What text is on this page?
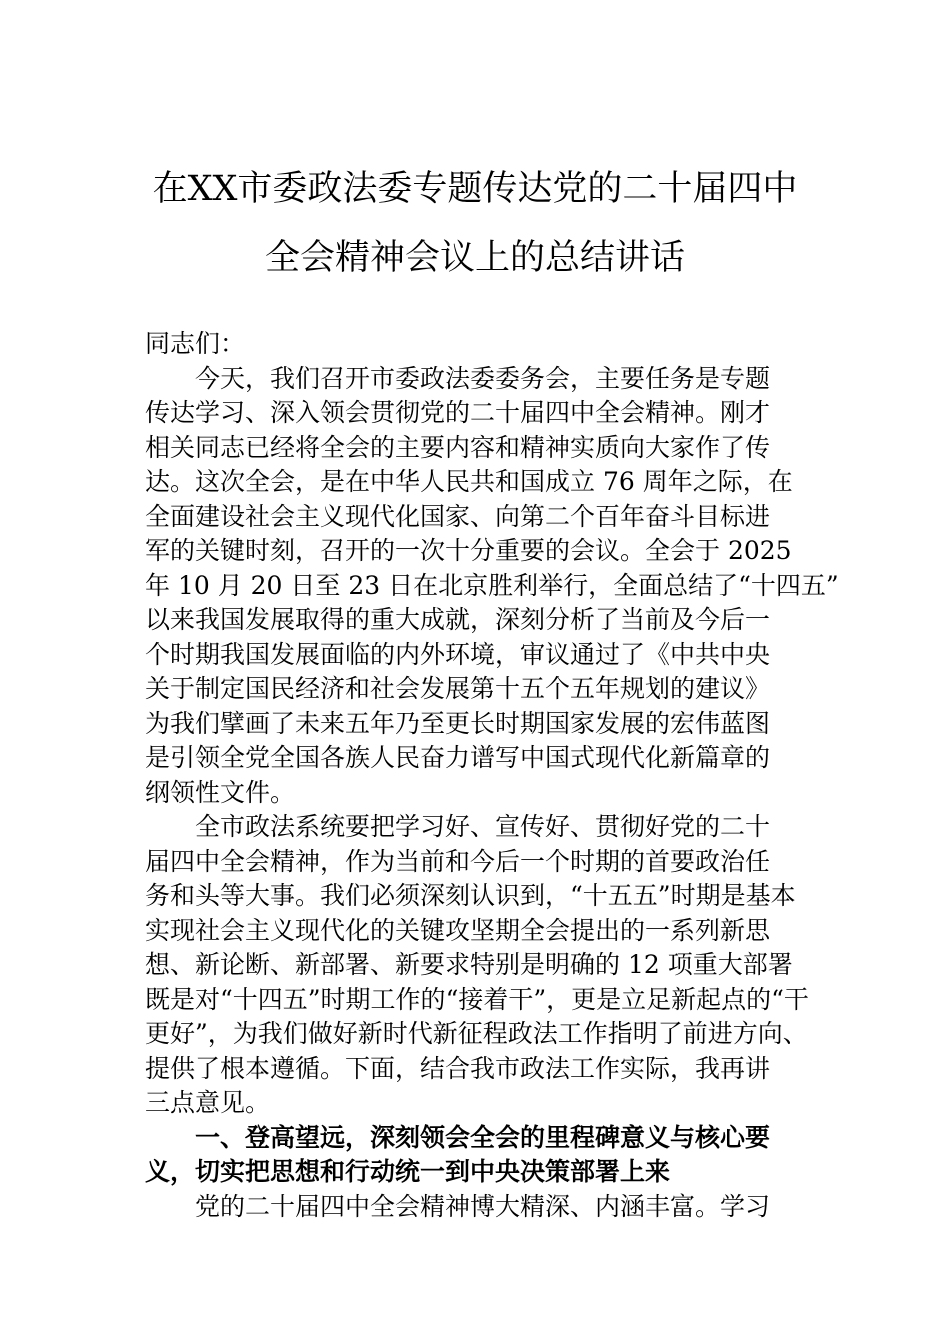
在XX市委政法委专题传达党的二十届四中
全会精神会议上的总结讲话
同志们：
今天，我们召开市委政法委委务会，主要任务是专题
传达学习、深入领会贯彻党的二十届四中全会精神。刚才
相关同志已经将全会的主要内容和精神实质向大家作了传
达。这次全会，是在中华人民共和国成立 76 周年之际，在
全面建设社会主义现代化国家、向第二个百年奋斗目标进
军的关键时刻，召开的一次十分重要的会议。全会于 2025
年 10 月 20 日至 23 日在北京胜利举行，全面总结了“十四五”
以来我国发展取得的重大成就，深刻分析了当前及今后一
个时期我国发展面临的内外环境，审议通过了《中共中央
关于制定国民经济和社会发展第十五个五年规划的建议》
为我们擘画了未来五年乃至更长时期国家发展的宏伟蓝图
是引领全党全国各族人民奋力谱写中国式现代化新篇章的
纲领性文件。
全市政法系统要把学习好、宣传好、贯彻好党的二十
届四中全会精神，作为当前和今后一个时期的首要政治任
务和头等大事。我们必须深刻认识到，“十五五”时期是基本
实现社会主义现代化的关键攻坚期全会提出的一系列新思
想、新论断、新部署、新要求特别是明确的 12 项重大部署
既是对“十四五”时期工作的“接着干”，更是立足新起点的“干
更好”，为我们做好新时代新征程政法工作指明了前进方向、
提供了根本遵循。下面，结合我市政法工作实际，我再讲
三点意见。
一、登高望远，深刻领会全会的里程碑意义与核心要
义，切实把思想和行动统一到中央决策部署上来
党的二十届四中全会精神博大精深、内涵丰富。学习
